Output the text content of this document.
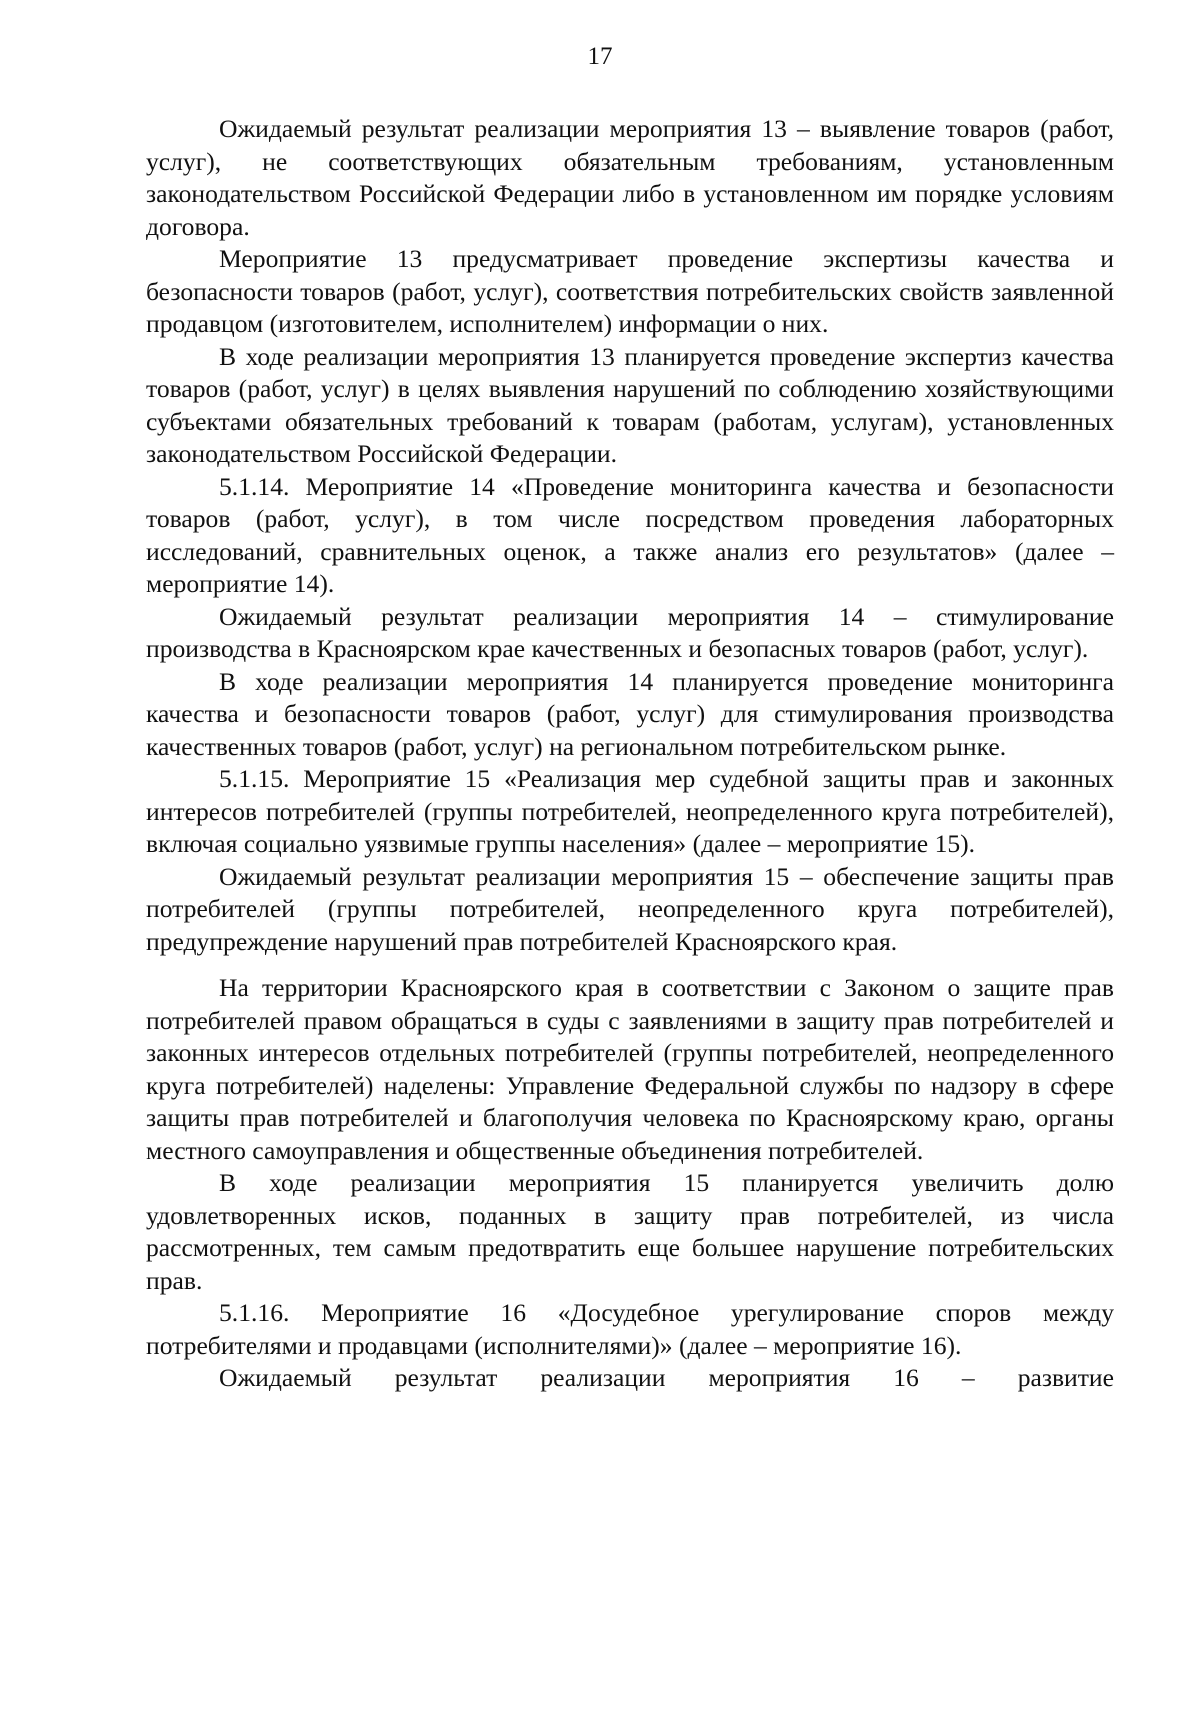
17

Ожидаемый результат реализации мероприятия 13 – выявление товаров (работ, услуг), не соответствующих обязательным требованиям, установленным законодательством Российской Федерации либо в установленном им порядке условиям договора.

Мероприятие 13 предусматривает проведение экспертизы качества и безопасности товаров (работ, услуг), соответствия потребительских свойств заявленной продавцом (изготовителем, исполнителем) информации о них.

В ходе реализации мероприятия 13 планируется проведение экспертиз качества товаров (работ, услуг) в целях выявления нарушений по соблюдению хозяйствующими субъектами обязательных требований к товарам (работам, услугам), установленных законодательством Российской Федерации.

5.1.14. Мероприятие 14 «Проведение мониторинга качества и безопасности товаров (работ, услуг), в том числе посредством проведения лабораторных исследований, сравнительных оценок, а также анализ его результатов» (далее – мероприятие 14).

Ожидаемый результат реализации мероприятия 14 – стимулирование производства в Красноярском крае качественных и безопасных товаров (работ, услуг).

В ходе реализации мероприятия 14 планируется проведение мониторинга качества и безопасности товаров (работ, услуг) для стимулирования производства качественных товаров (работ, услуг) на региональном потребительском рынке.

5.1.15. Мероприятие 15 «Реализация мер судебной защиты прав и законных интересов потребителей (группы потребителей, неопределенного круга потребителей), включая социально уязвимые группы населения» (далее – мероприятие 15).

Ожидаемый результат реализации мероприятия 15 – обеспечение защиты прав потребителей (группы потребителей, неопределенного круга потребителей), предупреждение нарушений прав потребителей Красноярского края.

На территории Красноярского края в соответствии с Законом о защите прав потребителей правом обращаться в суды с заявлениями в защиту прав потребителей и законных интересов отдельных потребителей (группы потребителей, неопределенного круга потребителей) наделены: Управление Федеральной службы по надзору в сфере защиты прав потребителей и благополучия человека по Красноярскому краю, органы местного самоуправления и общественные объединения потребителей.

В ходе реализации мероприятия 15 планируется увеличить долю удовлетворенных исков, поданных в защиту прав потребителей, из числа рассмотренных, тем самым предотвратить еще большее нарушение потребительских прав.

5.1.16. Мероприятие 16 «Досудебное урегулирование споров между потребителями и продавцами (исполнителями)» (далее – мероприятие 16).

Ожидаемый результат реализации мероприятия 16 – развитие
